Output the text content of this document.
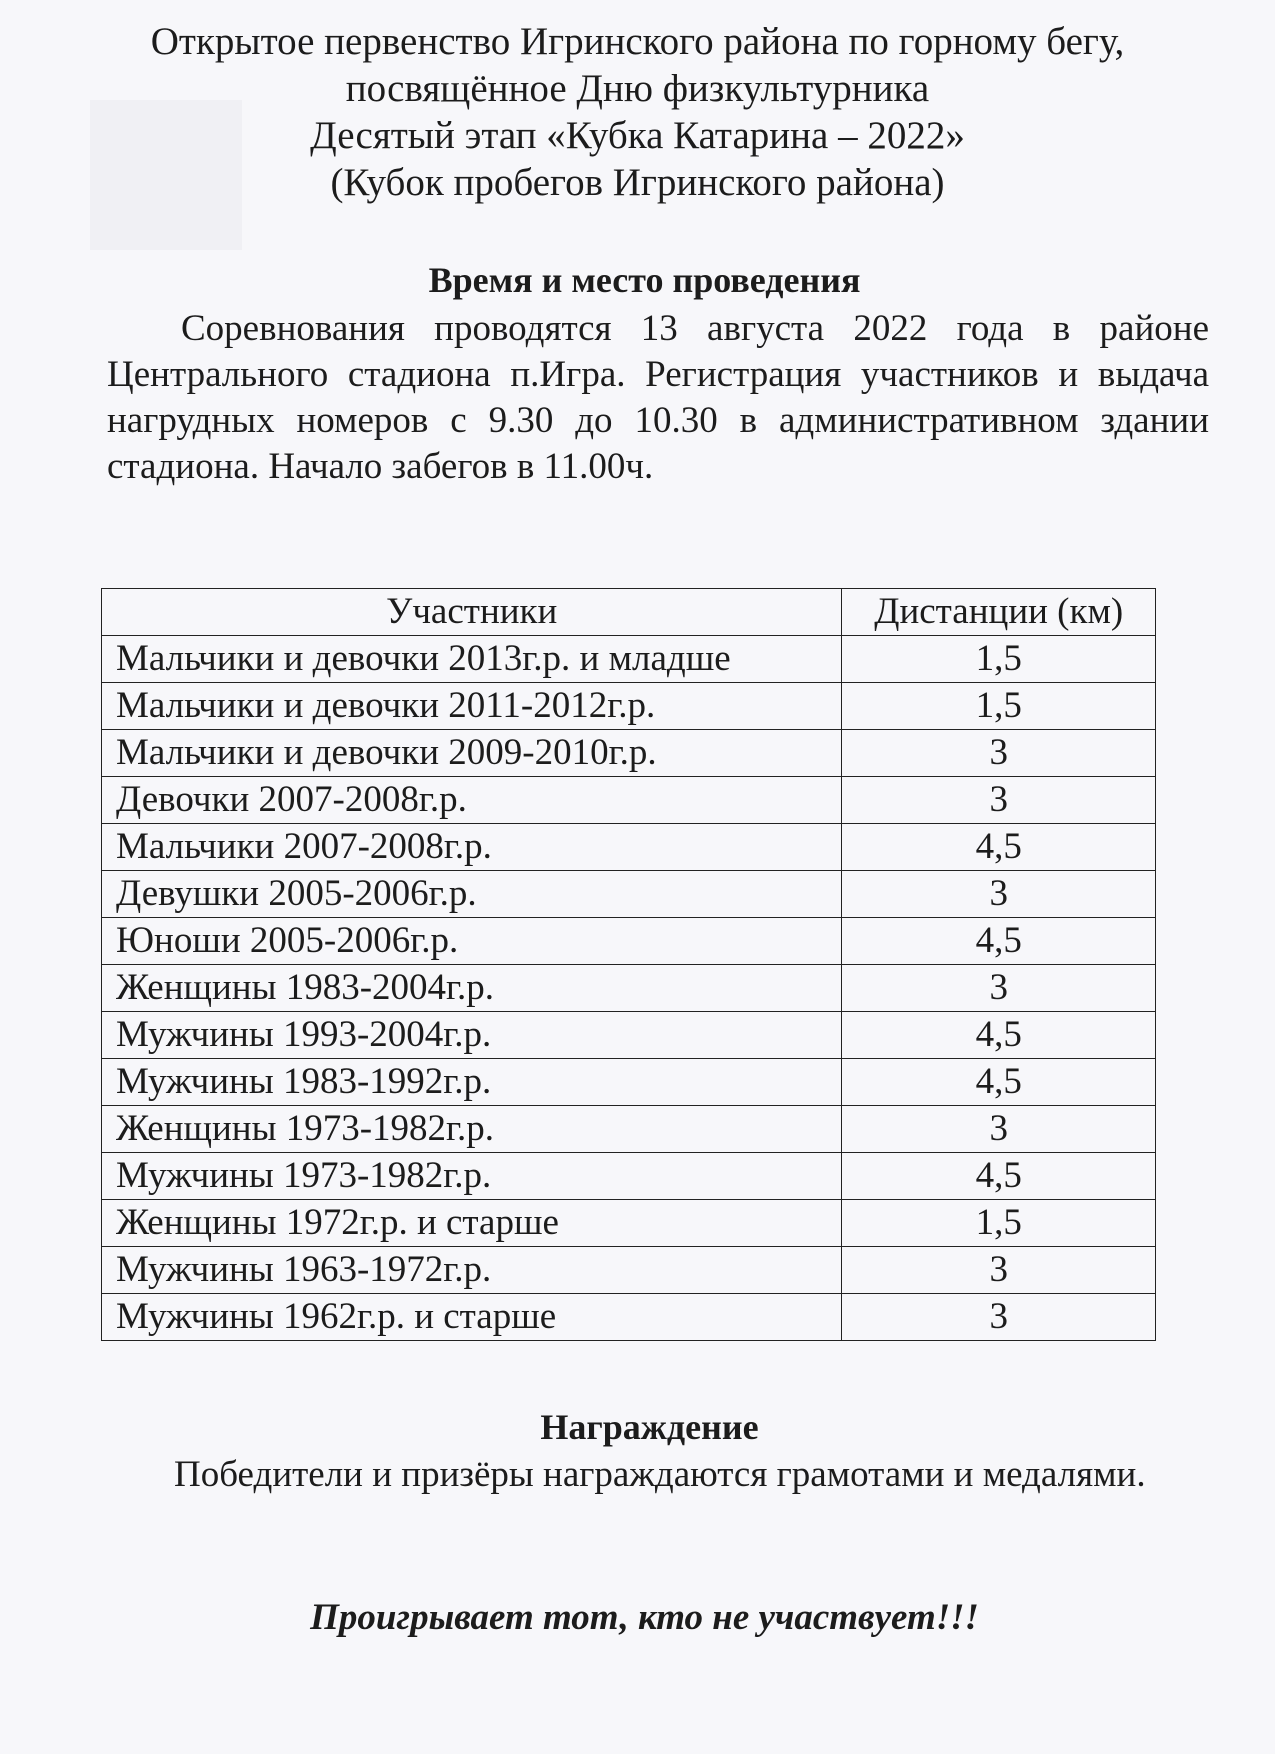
Открытое первенство Игринского района по горному бегу,
посвящённое Дню физкультурника
Десятый этап «Кубка Катарина – 2022»
(Кубок пробегов Игринского района)
Время и место проведения
Соревнования проводятся 13 августа 2022 года в районе Центрального стадиона п.Игра. Регистрация участников и выдача нагрудных номеров с 9.30 до 10.30 в административном здании стадиона. Начало забегов в 11.00ч.
Участники	Дистанции (км)
Мальчики и девочки 2013г.р. и младше	1,5
Мальчики и девочки 2011-2012г.р.	1,5
Мальчики и девочки 2009-2010г.р.	3
Девочки 2007-2008г.р.	3
Мальчики 2007-2008г.р.	4,5
Девушки 2005-2006г.р.	3
Юноши 2005-2006г.р.	4,5
Женщины 1983-2004г.р.	3
Мужчины 1993-2004г.р.	4,5
Мужчины 1983-1992г.р.	4,5
Женщины 1973-1982г.р.	3
Мужчины 1973-1982г.р.	4,5
Женщины 1972г.р. и старше	1,5
Мужчины 1963-1972г.р.	3
Мужчины 1962г.р. и старше	3
Награждение
Победители и призёры награждаются грамотами и медалями.
Проигрывает тот, кто не участвует!!!
